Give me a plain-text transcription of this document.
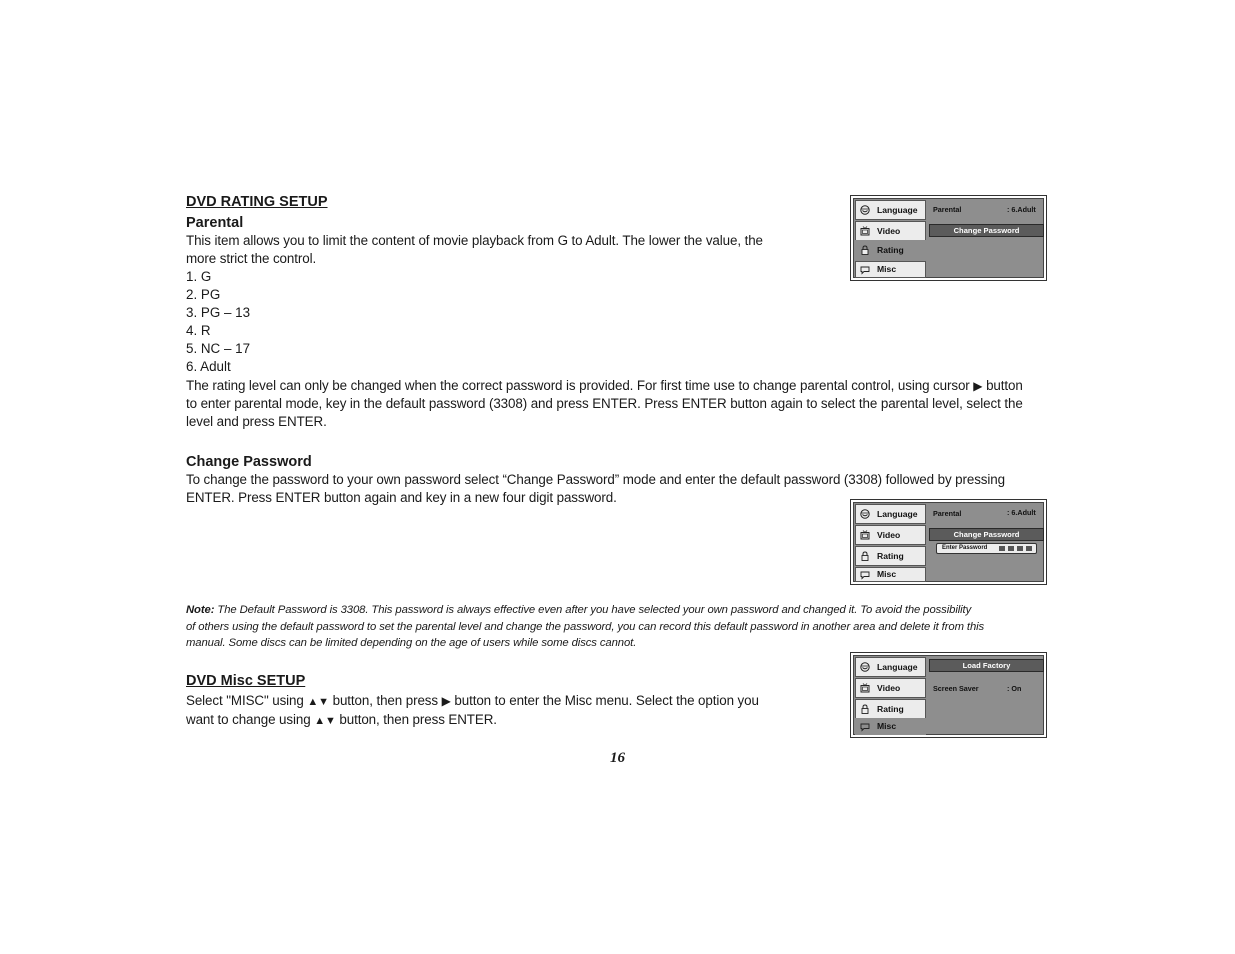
DVD RATING SETUP
Parental
This item allows you to limit the content of movie playback from G to Adult. The lower the value, the
more strict the control.
1. G
2. PG
3. PG – 13
4. R
5. NC – 17
6. Adult
The rating level can only be changed when the correct password is provided. For first time use to change parental control, using cursor ▶ button
to enter parental mode, key in the default password (3308) and press ENTER. Press ENTER button again to select the parental level, select the
level and press ENTER.
Change Password
To change the password to your own password select “Change Password” mode and enter the default password (3308) followed by pressing
ENTER. Press ENTER button again and key in a new four digit password.
Note: The Default Password is 3308. This password is always effective even after you have selected your own password and changed it. To avoid the possibility
of others using the default password to set the parental level and change the password, you can record this default password in another area and delete it from this
manual. Some discs can be limited depending on the age of users while some discs cannot.
DVD Misc SETUP
Select "MISC" using ▲▼ button, then press ▶ button to enter the Misc menu. Select the option you
want to change using ▲▼ button, then press ENTER.
16
Language
Video
Rating
Misc
Parental	: 6.Adult
Change Password
Language
Video
Rating
Misc
Parental	: 6.Adult
Change Password
Enter Password
Language
Video
Rating
Misc
Load Factory
Screen Saver	: On
